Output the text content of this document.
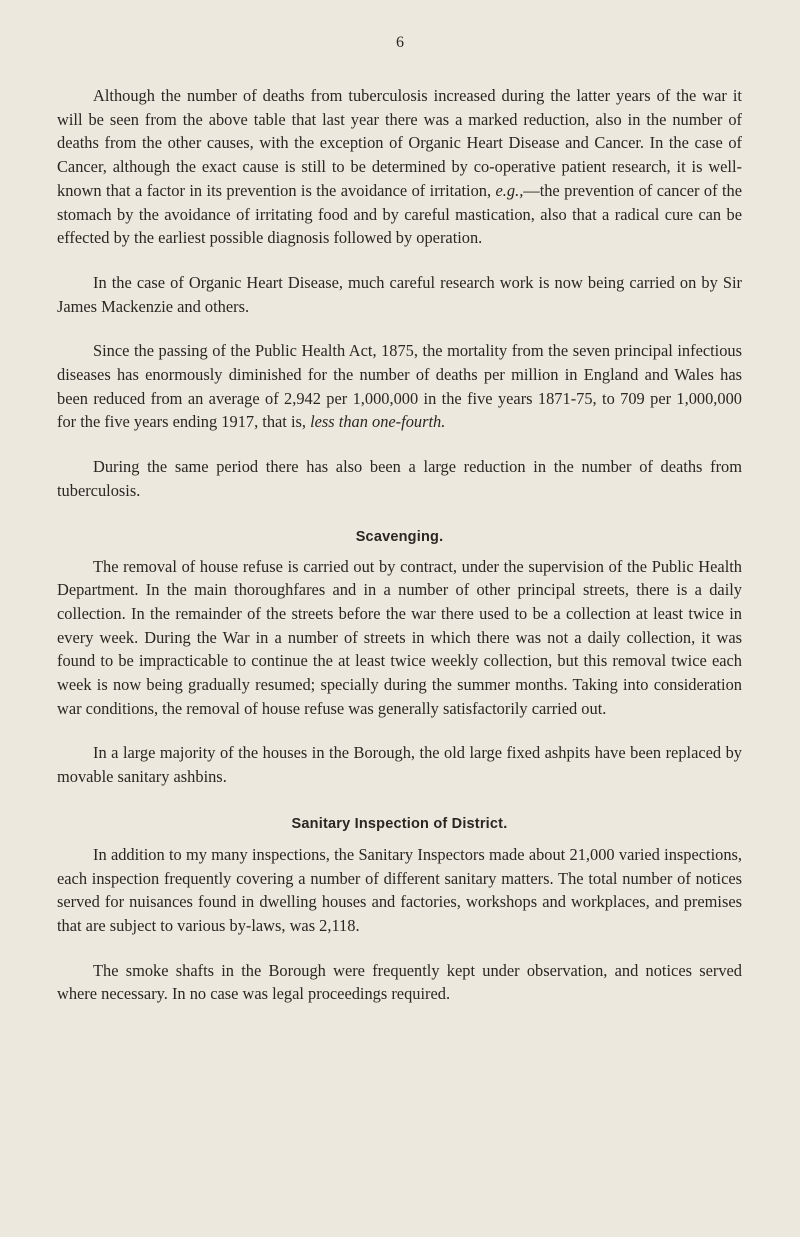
6

Although the number of deaths from tuberculosis increased during the latter years of the war it will be seen from the above table that last year there was a marked reduction, also in the number of deaths from the other causes, with the exception of Organic Heart Disease and Cancer. In the case of Cancer, although the exact cause is still to be determined by co-operative patient research, it is well-known that a factor in its prevention is the avoidance of irritation, e.g.,—the prevention of cancer of the stomach by the avoidance of irritating food and by careful mastication, also that a radical cure can be effected by the earliest possible diagnosis followed by operation.

In the case of Organic Heart Disease, much careful research work is now being carried on by Sir James Mackenzie and others.

Since the passing of the Public Health Act, 1875, the mortality from the seven principal infectious diseases has enormously diminished for the number of deaths per million in England and Wales has been reduced from an average of 2,942 per 1,000,000 in the five years 1871-75, to 709 per 1,000,000 for the five years ending 1917, that is, less than one-fourth.

During the same period there has also been a large reduction in the number of deaths from tuberculosis.

Scavenging.

The removal of house refuse is carried out by contract, under the supervision of the Public Health Department. In the main thoroughfares and in a number of other principal streets, there is a daily collection. In the remainder of the streets before the war there used to be a collection at least twice in every week. During the War in a number of streets in which there was not a daily collection, it was found to be impracticable to continue the at least twice weekly collection, but this removal twice each week is now being gradually resumed; specially during the summer months. Taking into consideration war conditions, the removal of house refuse was generally satisfactorily carried out.

In a large majority of the houses in the Borough, the old large fixed ashpits have been replaced by movable sanitary ashbins.

Sanitary Inspection of District.

In addition to my many inspections, the Sanitary Inspectors made about 21,000 varied inspections, each inspection frequently covering a number of different sanitary matters. The total number of notices served for nuisances found in dwelling houses and factories, workshops and workplaces, and premises that are subject to various by-laws, was 2,118.

The smoke shafts in the Borough were frequently kept under observation, and notices served where necessary. In no case was legal proceedings required.
